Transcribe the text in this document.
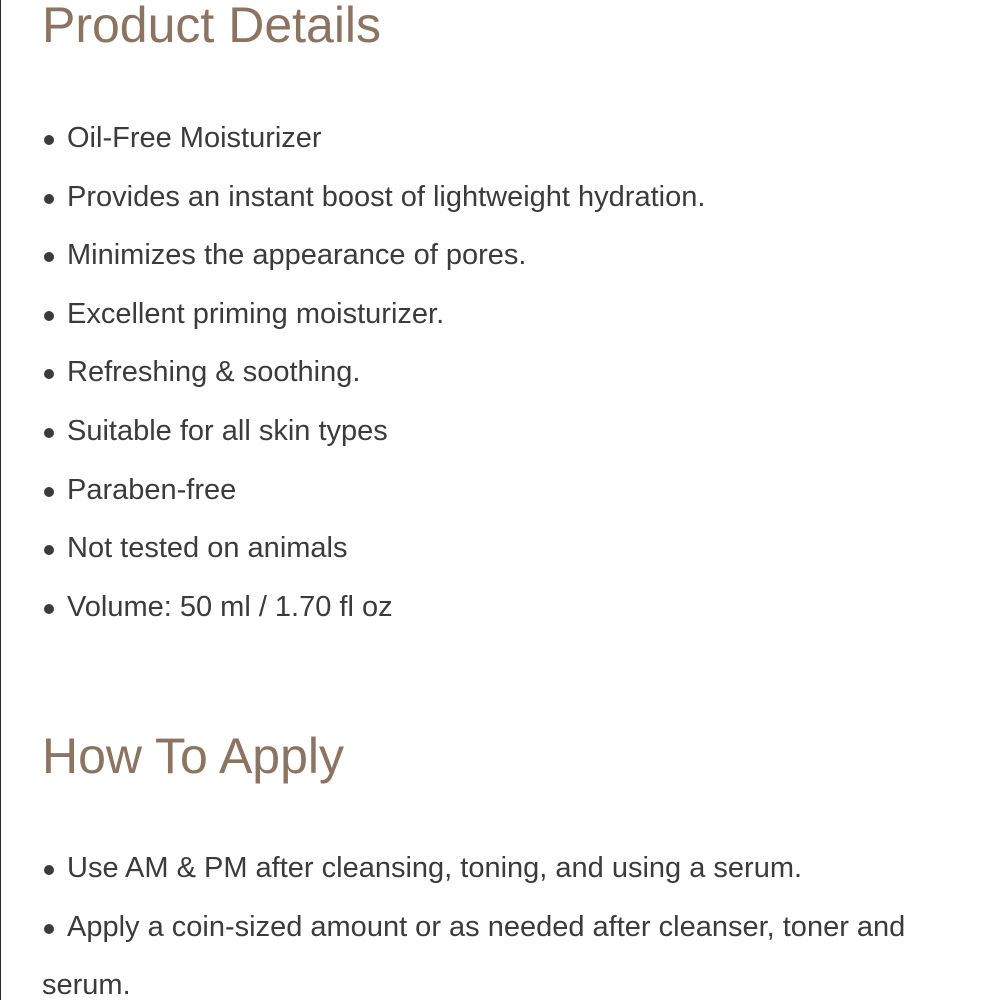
Product Details
Oil-Free Moisturizer
Provides an instant boost of lightweight hydration.
Minimizes the appearance of pores.
Excellent priming moisturizer.
Refreshing & soothing.
Suitable for all skin types
Paraben-free
Not tested on animals
Volume: 50 ml / 1.70 fl oz
How To Apply
Use AM & PM after cleansing, toning, and using a serum.
Apply a coin-sized amount or as needed after cleanser, toner and serum.
